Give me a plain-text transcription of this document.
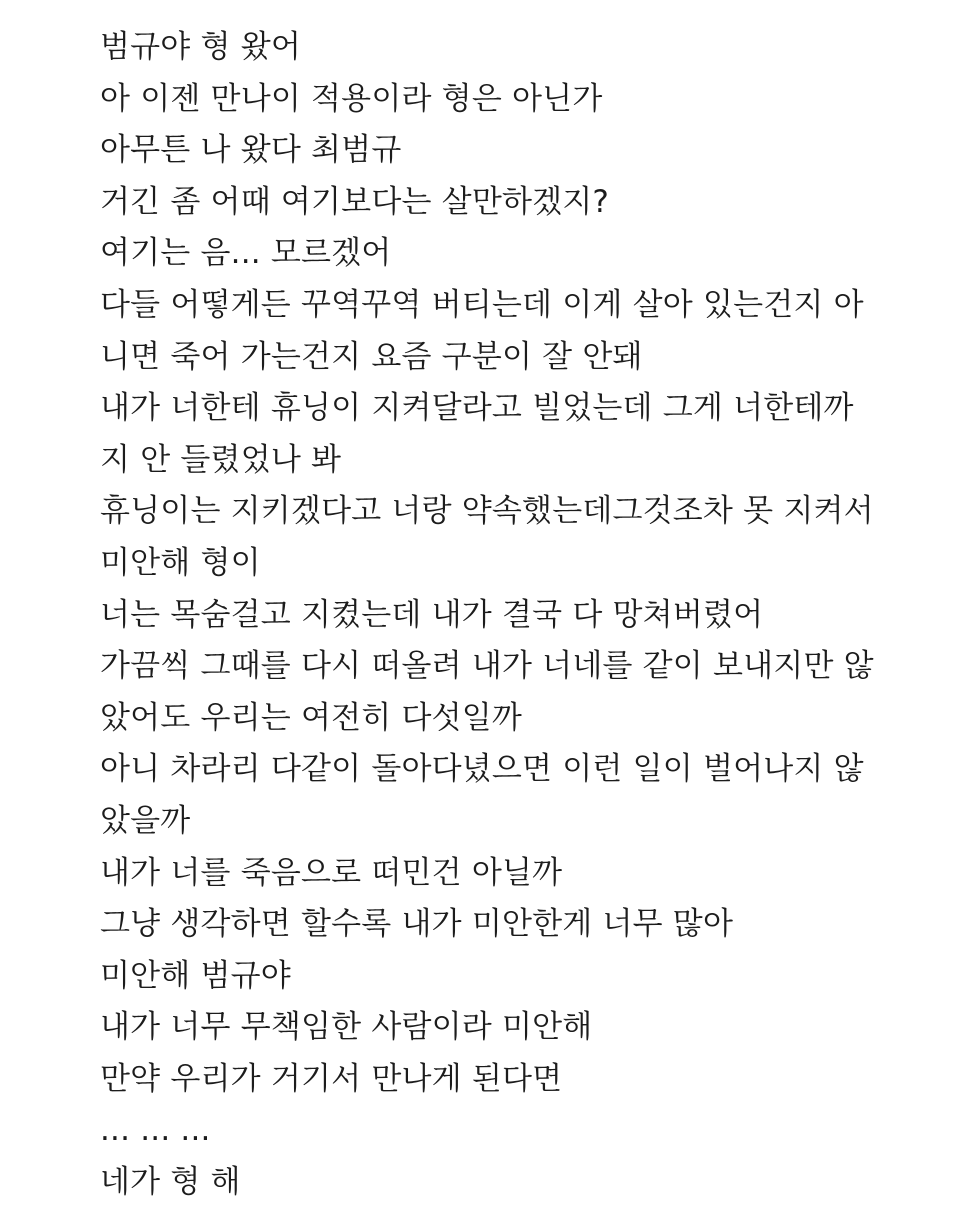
범규야 형 왔어
아 이젠 만나이 적용이라 형은 아닌가
아무튼 나 왔다 최범규
거긴 좀 어때 여기보다는 살만하겠지?
여기는 음... 모르겠어
다들 어떻게든 꾸역꾸역 버티는데 이게 살아 있는건지 아
니면 죽어 가는건지 요즘 구분이 잘 안돼
내가 너한테 휴닝이 지켜달라고 빌었는데 그게 너한테까
지 안 들렸었나 봐
휴닝이는 지키겠다고 너랑 약속했는데그것조차 못 지켜서
미안해 형이
너는 목숨걸고 지켰는데 내가 결국 다 망쳐버렸어
가끔씩 그때를 다시 떠올려 내가 너네를 같이 보내지만 않
았어도 우리는 여전히 다섯일까
아니 차라리 다같이 돌아다녔으면 이런 일이 벌어나지 않
았을까
내가 너를 죽음으로 떠민건 아닐까
그냥 생각하면 할수록 내가 미안한게 너무 많아
미안해 범규야
내가 너무 무책임한 사람이라 미안해
만약 우리가 거기서 만나게 된다면
... ... ...
네가 형 해
